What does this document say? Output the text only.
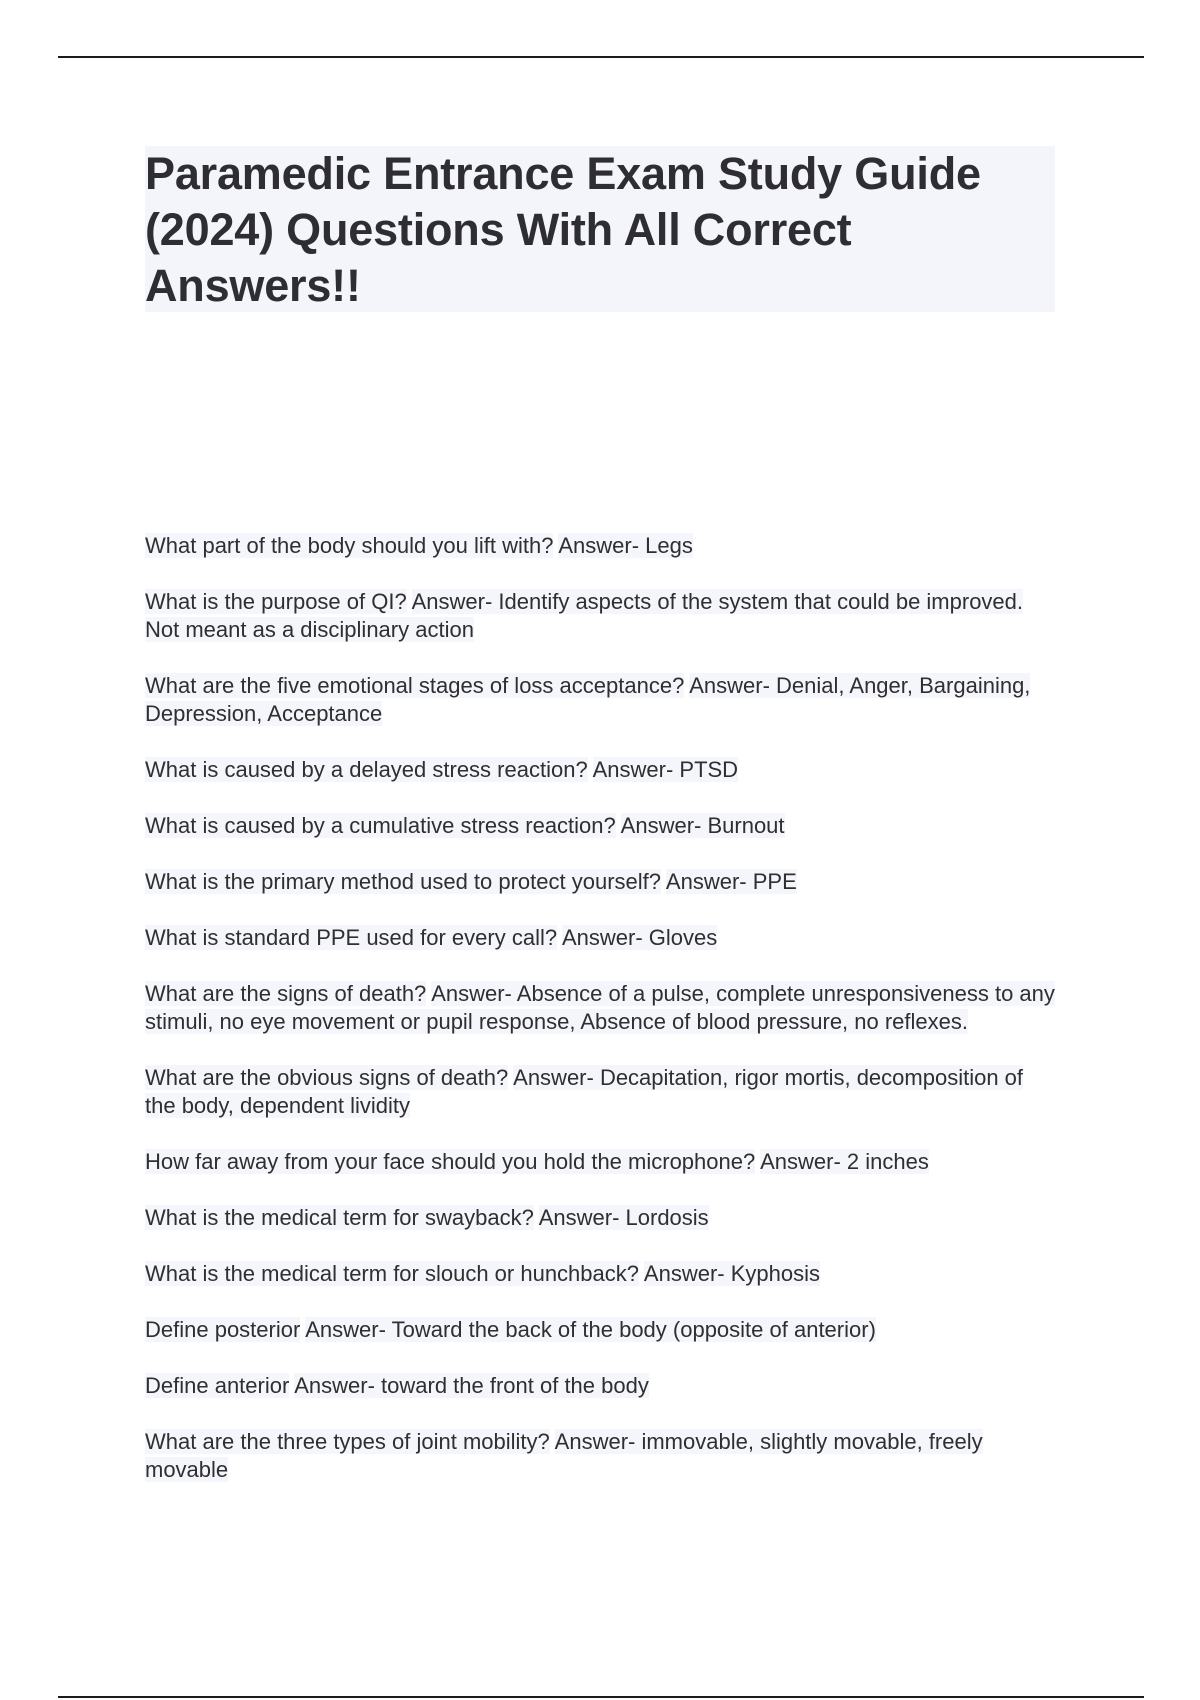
Paramedic Entrance Exam Study Guide (2024) Questions With All Correct Answers!!
What part of the body should you lift with? Answer- Legs
What is the purpose of QI? Answer- Identify aspects of the system that could be improved. Not meant as a disciplinary action
What are the five emotional stages of loss acceptance? Answer- Denial, Anger, Bargaining, Depression, Acceptance
What is caused by a delayed stress reaction? Answer- PTSD
What is caused by a cumulative stress reaction? Answer- Burnout
What is the primary method used to protect yourself? Answer- PPE
What is standard PPE used for every call? Answer- Gloves
What are the signs of death? Answer- Absence of a pulse, complete unresponsiveness to any stimuli, no eye movement or pupil response, Absence of blood pressure, no reflexes.
What are the obvious signs of death? Answer- Decapitation, rigor mortis, decomposition of the body, dependent lividity
How far away from your face should you hold the microphone? Answer- 2 inches
What is the medical term for swayback? Answer- Lordosis
What is the medical term for slouch or hunchback? Answer- Kyphosis
Define posterior Answer- Toward the back of the body (opposite of anterior)
Define anterior Answer- toward the front of the body
What are the three types of joint mobility? Answer- immovable, slightly movable, freely movable
